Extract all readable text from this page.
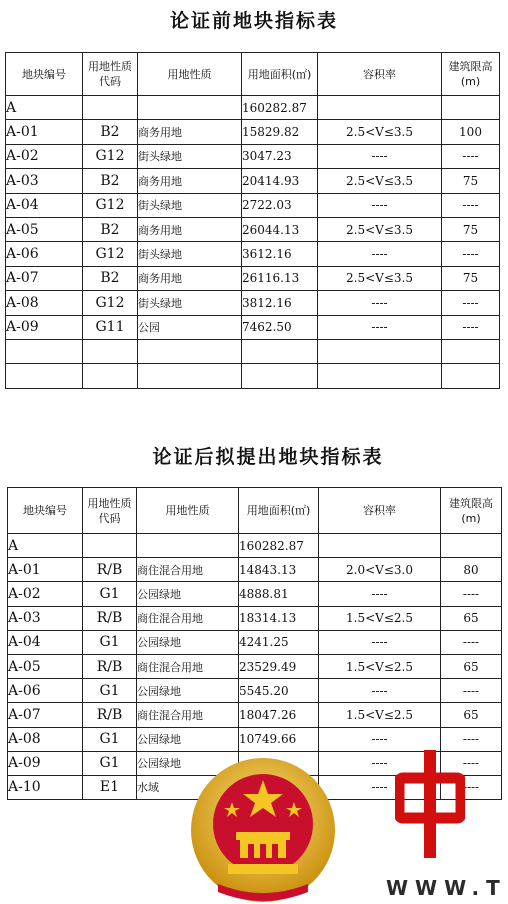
论证前地块指标表
地块编号	用地性质代码	用地性质	用地面积(㎡)	容积率	建筑限高(m)
A			160282.87		
A-01	B2	商务用地	15829.82	2.5<V≤3.5	100
A-02	G12	街头绿地	3047.23	----	----
A-03	B2	商务用地	20414.93	2.5<V≤3.5	75
A-04	G12	街头绿地	2722.03	----	----
A-05	B2	商务用地	26044.13	2.5<V≤3.5	75
A-06	G12	街头绿地	3612.16	----	----
A-07	B2	商务用地	26116.13	2.5<V≤3.5	75
A-08	G12	街头绿地	3812.16	----	----
A-09	G11	公园	7462.50	----	----

论证后拟提出地块指标表
地块编号	用地性质代码	用地性质	用地面积(㎡)	容积率	建筑限高(m)
A			160282.87		
A-01	R/B	商住混合用地	14843.13	2.0<V≤3.0	80
A-02	G1	公园绿地	4888.81	----	----
A-03	R/B	商住混合用地	18314.13	1.5<V≤2.5	65
A-04	G1	公园绿地	4241.25	----	----
A-05	R/B	商住混合用地	23529.49	1.5<V≤2.5	65
A-06	G1	公园绿地	5545.20	----	----
A-07	R/B	商住混合用地	18047.26	1.5<V≤2.5	65
A-08	G1	公园绿地	10749.66	----	----
A-09	G1	公园绿地		----	----
A-10	E1	水域		----	----
WWW.T
